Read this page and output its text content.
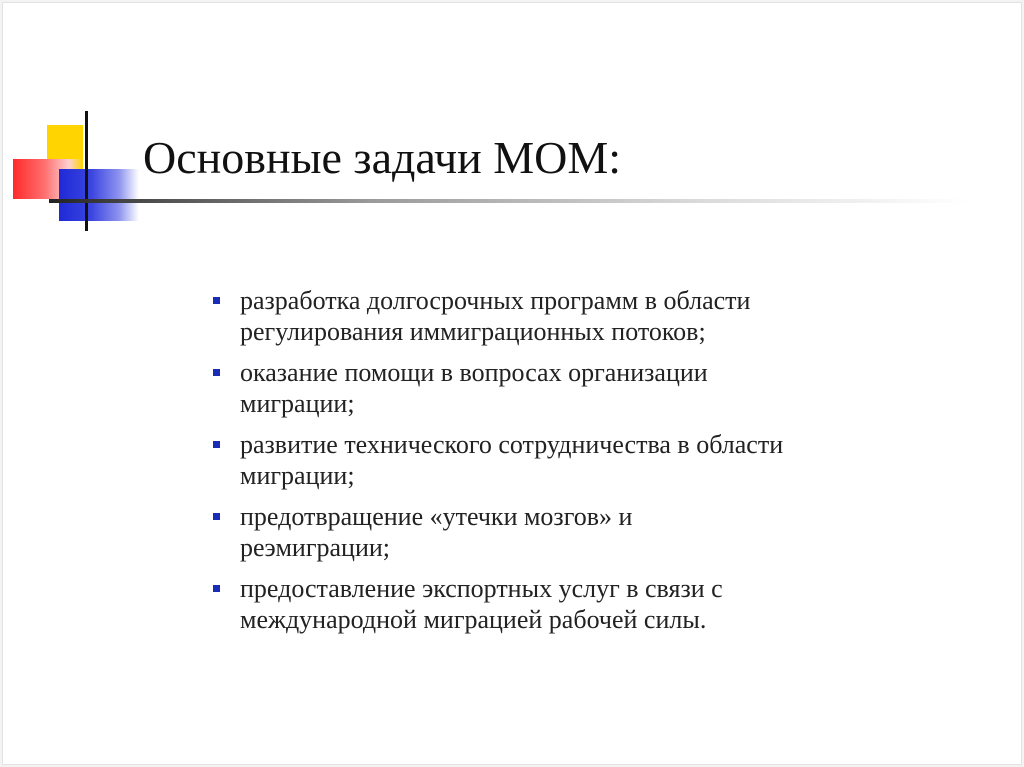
Основные задачи МОМ:
разработка долгосрочных программ в области
регулирования иммиграционных потоков;
оказание помощи в вопросах организации
миграции;
развитие технического сотрудничества в области
миграции;
предотвращение «утечки мозгов» и
реэмиграции;
предоставление экспортных услуг в связи с
международной миграцией рабочей силы.
